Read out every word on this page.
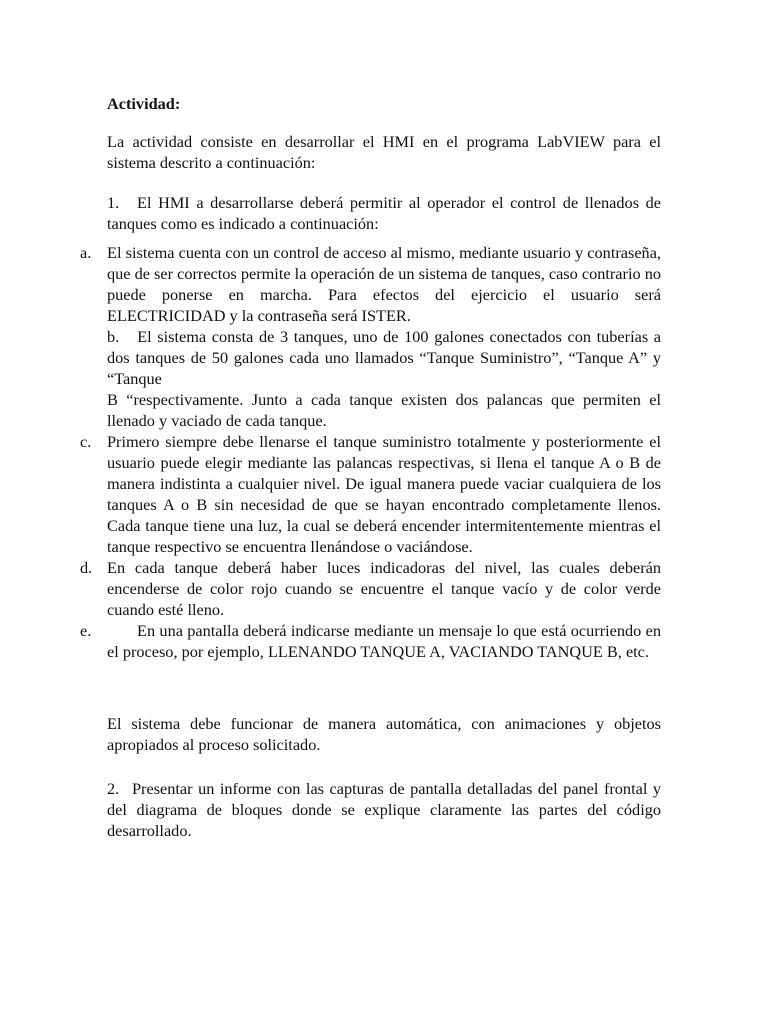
Actividad:
La actividad consiste en desarrollar el HMI en el programa LabVIEW para el sistema descrito a continuación:
1. El HMI a desarrollarse deberá permitir al operador el control de llenados de tanques como es indicado a continuación:
a. El sistema cuenta con un control de acceso al mismo, mediante usuario y contraseña, que de ser correctos permite la operación de un sistema de tanques, caso contrario no puede ponerse en marcha. Para efectos del ejercicio el usuario será ELECTRICIDAD y la contraseña será ISTER.
b. El sistema consta de 3 tanques, uno de 100 galones conectados con tuberías a dos tanques de 50 galones cada uno llamados “Tanque Suministro”, “Tanque A” y “Tanque
B “respectivamente. Junto a cada tanque existen dos palancas que permiten el llenado y vaciado de cada tanque.
c. Primero siempre debe llenarse el tanque suministro totalmente y posteriormente el usuario puede elegir mediante las palancas respectivas, si llena el tanque A o B de manera indistinta a cualquier nivel. De igual manera puede vaciar cualquiera de los tanques A o B sin necesidad de que se hayan encontrado completamente llenos. Cada tanque tiene una luz, la cual se deberá encender intermitentemente mientras el tanque respectivo se encuentra llenándose o vaciándose.
d. En cada tanque deberá haber luces indicadoras del nivel, las cuales deberán encenderse de color rojo cuando se encuentre el tanque vacío y de color verde cuando esté lleno.
e.	En una pantalla deberá indicarse mediante un mensaje lo que está ocurriendo en el proceso, por ejemplo, LLENANDO TANQUE A, VACIANDO TANQUE B, etc.
El sistema debe funcionar de manera automática, con animaciones y objetos apropiados al proceso solicitado.
2. Presentar un informe con las capturas de pantalla detalladas del panel frontal y del diagrama de bloques donde se explique claramente las partes del código desarrollado.
